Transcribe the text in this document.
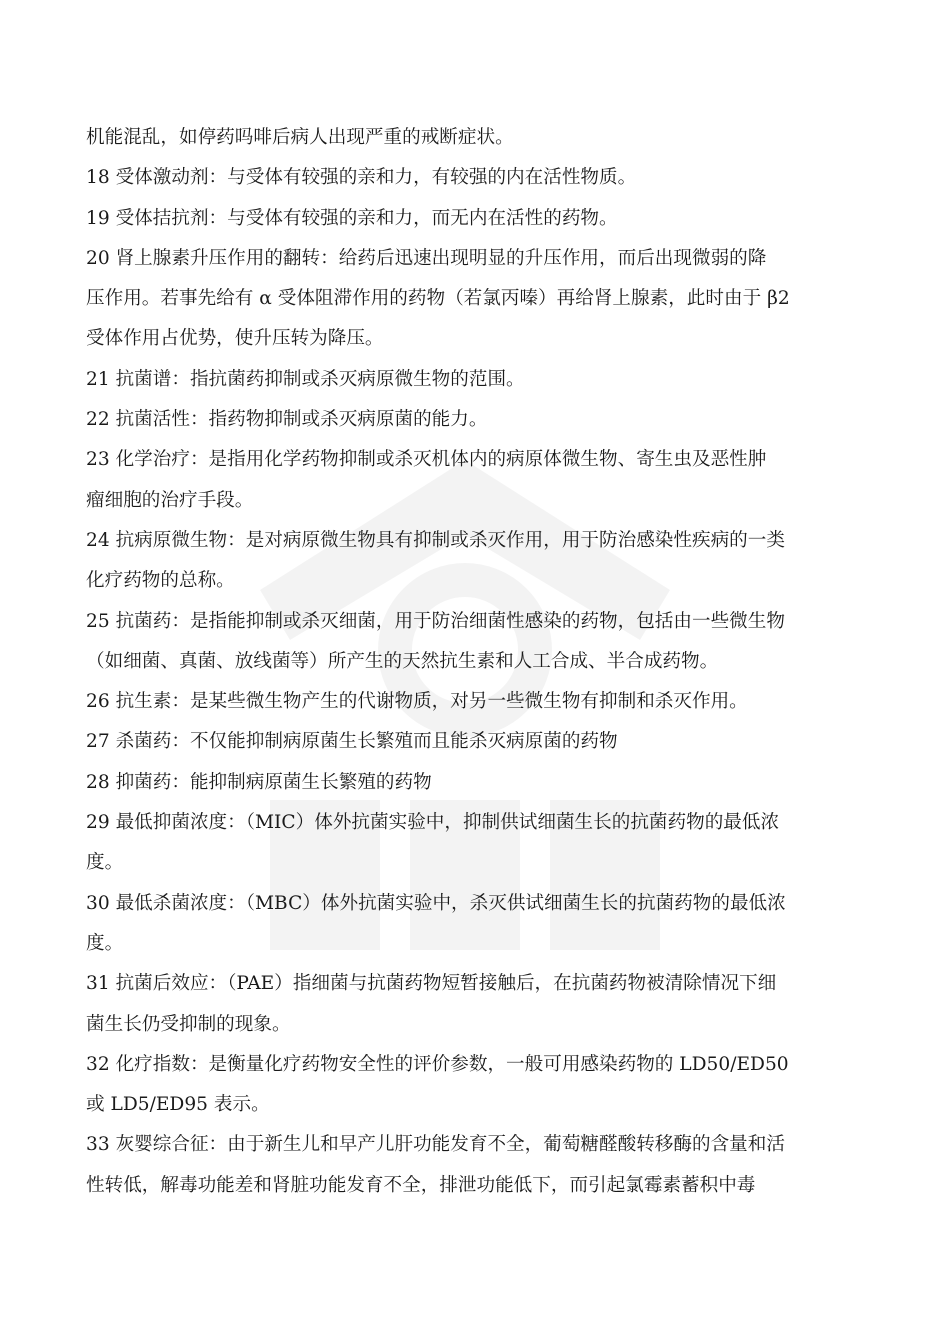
机能混乱，如停药吗啡后病人出现严重的戒断症状。

18 受体激动剂：与受体有较强的亲和力，有较强的内在活性物质。

19 受体拮抗剂：与受体有较强的亲和力，而无内在活性的药物。

20 肾上腺素升压作用的翻转：给药后迅速出现明显的升压作用，而后出现微弱的降

压作用。若事先给有 α 受体阻滞作用的药物（若氯丙嗪）再给肾上腺素，此时由于 β2

受体作用占优势，使升压转为降压。

21 抗菌谱：指抗菌药抑制或杀灭病原微生物的范围。

22 抗菌活性：指药物抑制或杀灭病原菌的能力。

23 化学治疗：是指用化学药物抑制或杀灭机体内的病原体微生物、寄生虫及恶性肿

瘤细胞的治疗手段。

24 抗病原微生物：是对病原微生物具有抑制或杀灭作用，用于防治感染性疾病的一类

化疗药物的总称。

25 抗菌药：是指能抑制或杀灭细菌，用于防治细菌性感染的药物，包括由一些微生物

（如细菌、真菌、放线菌等）所产生的天然抗生素和人工合成、半合成药物。

26 抗生素：是某些微生物产生的代谢物质，对另一些微生物有抑制和杀灭作用。

27 杀菌药：不仅能抑制病原菌生长繁殖而且能杀灭病原菌的药物

28 抑菌药：能抑制病原菌生长繁殖的药物

29 最低抑菌浓度：（MIC）体外抗菌实验中，抑制供试细菌生长的抗菌药物的最低浓

度。

30 最低杀菌浓度：（MBC）体外抗菌实验中，杀灭供试细菌生长的抗菌药物的最低浓

度。

31 抗菌后效应：（PAE）指细菌与抗菌药物短暂接触后，在抗菌药物被清除情况下细

菌生长仍受抑制的现象。

32 化疗指数：是衡量化疗药物安全性的评价参数，一般可用感染药物的 LD50/ED50

或 LD5/ED95 表示。

33 灰婴综合征：由于新生儿和早产儿肝功能发育不全，葡萄糖醛酸转移酶的含量和活

性转低，解毒功能差和肾脏功能发育不全，排泄功能低下，而引起氯霉素蓄积中毒
